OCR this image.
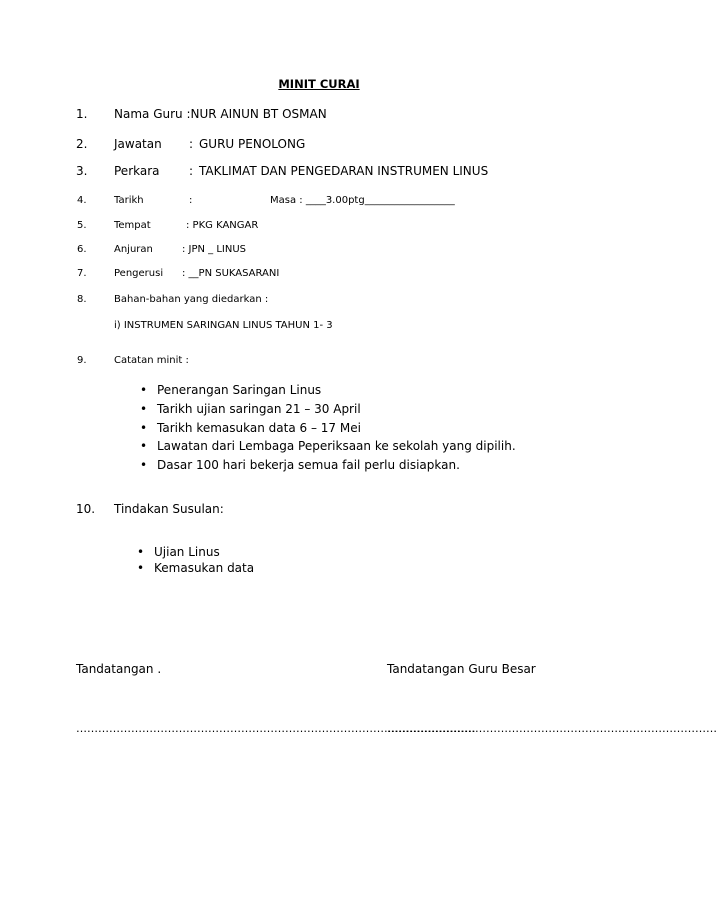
MINIT CURAI
1. Nama Guru :NUR AINUN BT OSMAN
2. Jawatan : GURU PENOLONG
3. Perkara : TAKLIMAT DAN PENGEDARAN INSTRUMEN LINUS
4.	Tarikh	:	Masa : ____3.00ptg__________________
5.	Tempat	: PKG KANGAR
6.	Anjuran	: JPN _ LINUS
7.	Pengerusi : __PN SUKASARANI
8.	Bahan-bahan yang diedarkan :
i) INSTRUMEN SARINGAN LINUS TAHUN 1- 3
9.	Catatan minit :
• Penerangan Saringan Linus
• Tarikh ujian saringan 21 – 30 April
• Tarikh kemasukan data 6 – 17 Mei
• Lawatan dari Lembaga Peperiksaan ke sekolah yang dipilih.
• Dasar 100 hari bekerja semua fail perlu disiapkan.
10. Tindakan Susulan:
• Ujian Linus
• Kemasukan data
Tandatangan .	Tandatangan Guru Besar
……………………………………………………………………………………………….
………………………………………………………………………………
